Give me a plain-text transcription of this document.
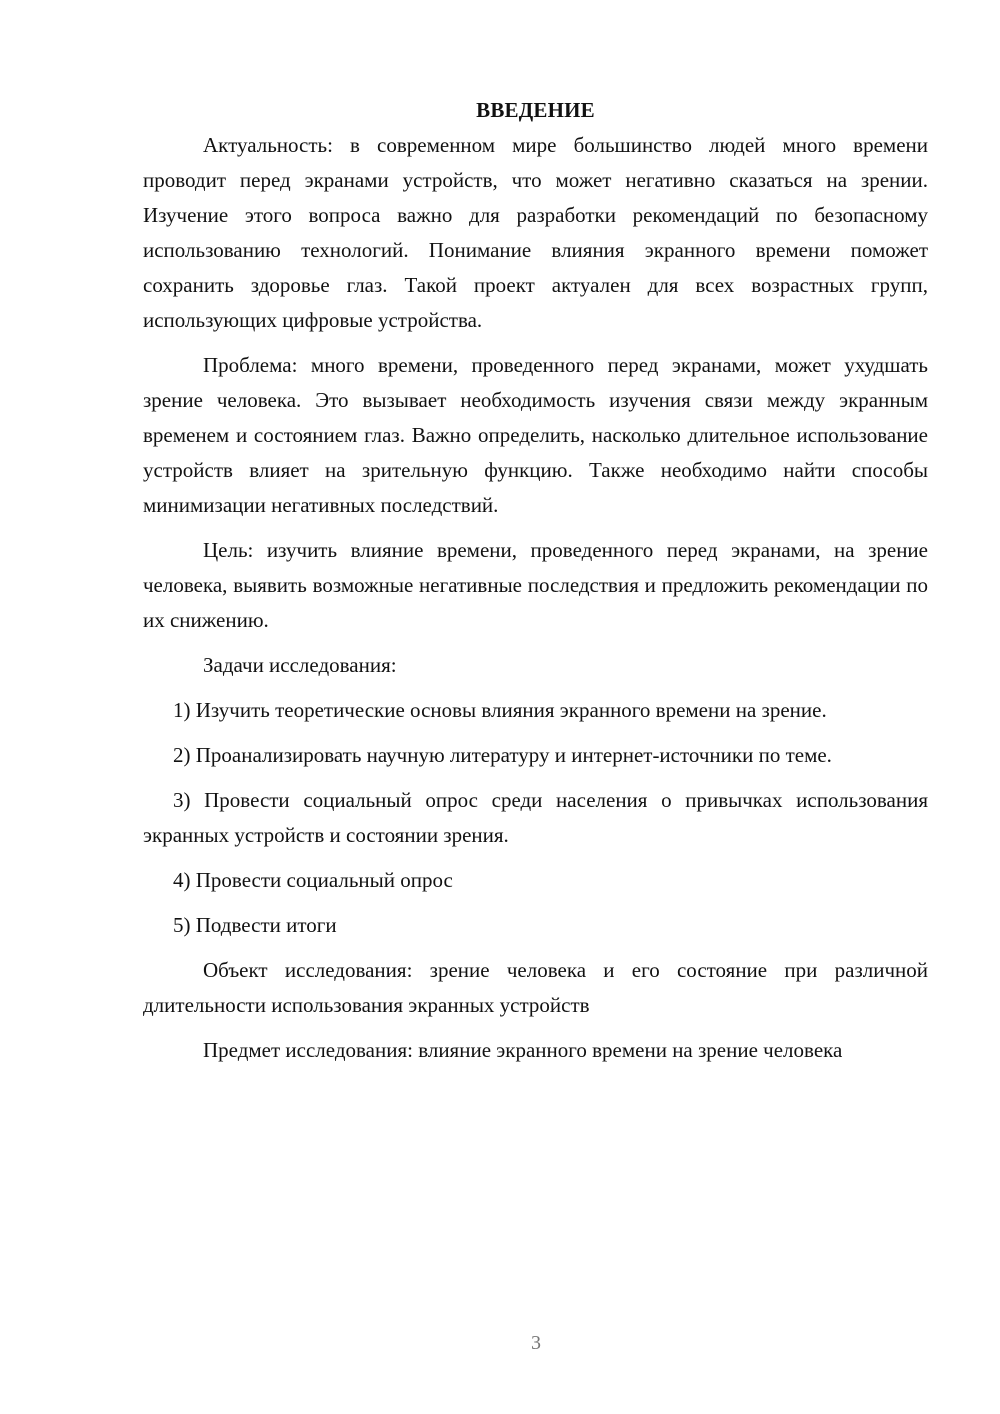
ВВЕДЕНИЕ

Актуальность: в современном мире большинство людей много времени проводит перед экранами устройств, что может негативно сказаться на зрении. Изучение этого вопроса важно для разработки рекомендаций по безопасному использованию технологий. Понимание влияния экранного времени поможет сохранить здоровье глаз. Такой проект актуален для всех возрастных групп, использующих цифровые устройства.

Проблема: много времени, проведенного перед экранами, может ухудшать зрение человека. Это вызывает необходимость изучения связи между экранным временем и состоянием глаз. Важно определить, насколько длительное использование устройств влияет на зрительную функцию. Также необходимо найти способы минимизации негативных последствий.

Цель: изучить влияние времени, проведенного перед экранами, на зрение человека, выявить возможные негативные последствия и предложить рекомендации по их снижению.

Задачи исследования:

1) Изучить теоретические основы влияния экранного времени на зрение.

2) Проанализировать научную литературу и интернет-источники по теме.

3) Провести социальный опрос среди населения о привычках использования экранных устройств и состоянии зрения.

4) Провести социальный опрос

5) Подвести итоги

Объект исследования: зрение человека и его состояние при различной длительности использования экранных устройств

Предмет исследования: влияние экранного времени на зрение человека

3
